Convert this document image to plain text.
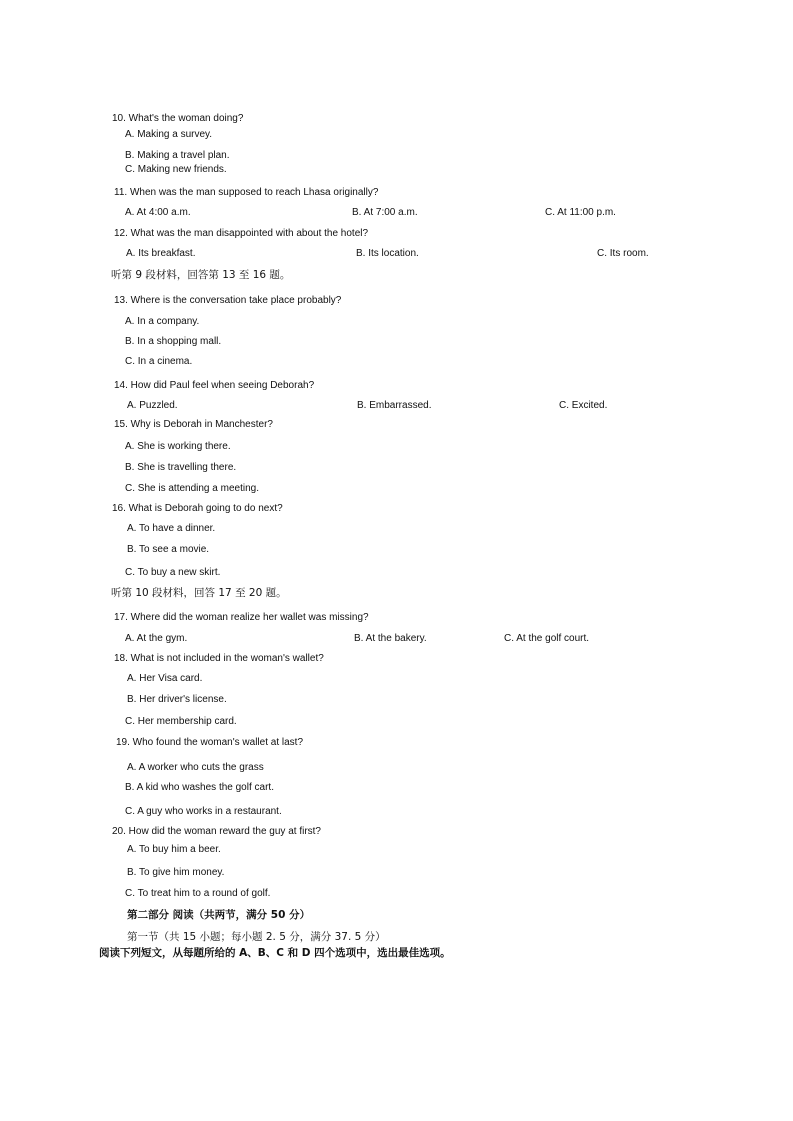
10. What's the woman doing?
A. Making a survey.
B. Making a travel plan.
C. Making new friends.
11. When was the man supposed to reach Lhasa originally?
A. At 4:00 a.m.	B. At 7:00 a.m.	C. At 11:00 p.m.
12. What was the man disappointed with about the hotel?
A. Its breakfast.	B. Its location.	C. Its room.
听第 9 段材料，回答第 13 至 16 题。
13. Where is the conversation take place probably?
A. In a company.
B. In a shopping mall.
C. In a cinema.
14. How did Paul feel when seeing Deborah?
A. Puzzled.	B. Embarrassed.	C. Excited.
15. Why is Deborah in Manchester?
A. She is working there.
B. She is travelling there.
C. She is attending a meeting.
16. What is Deborah going to do next?
A. To have a dinner.
B. To see a movie.
C. To buy a new skirt.
听第 10 段材料，回答 17 至 20 题。
17. Where did the woman realize her wallet was missing?
A. At the gym.	B. At the bakery.	C. At the golf court.
18. What is not included in the woman's wallet?
A. Her Visa card.
B. Her driver's license.
C. Her membership card.
19. Who found the woman's wallet at last?
A. A worker who cuts the grass
B. A kid who washes the golf cart.
C. A guy who works in a restaurant.
20. How did the woman reward the guy at first?
A. To buy him a beer.
B. To give him money.
C. To treat him to a round of golf.
第二部分 阅读（共两节，满分 50 分）
第一节（共 15 小题；每小题 2. 5 分，满分 37. 5 分）
阅读下列短文，从每题所给的 A、B、C 和 D 四个选项中，选出最佳选项。
